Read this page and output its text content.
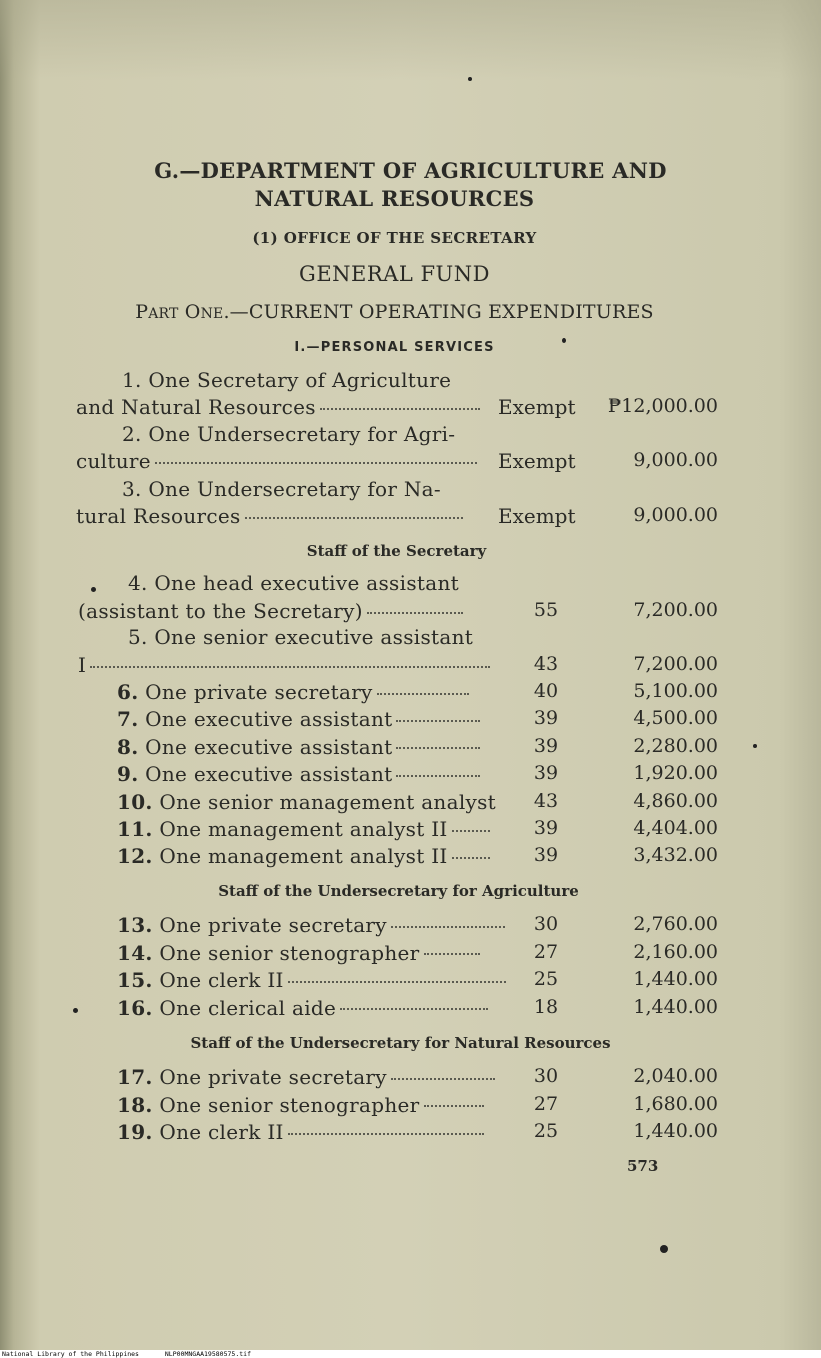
G.—DEPARTMENT OF AGRICULTURE AND
NATURAL RESOURCES
(1) OFFICE OF THE SECRETARY
GENERAL FUND
PART ONE.—CURRENT OPERATING EXPENDITURES
I.—PERSONAL SERVICES
1. One Secretary of Agriculture
and Natural Resources	Exempt	₱12,000.00
2. One Undersecretary for Agri-
culture	Exempt	9,000.00
3. One Undersecretary for Na-
tural Resources	Exempt	9,000.00
Staff of the Secretary
4. One head executive assistant
(assistant to the Secretary)	55	7,200.00
5. One senior executive assistant
I	43	7,200.00
6. One private secretary	40	5,100.00
7. One executive assistant	39	4,500.00
8. One executive assistant	39	2,280.00
9. One executive assistant	39	1,920.00
10. One senior management analyst	43	4,860.00
11. One management analyst II	39	4,404.00
12. One management analyst II	39	3,432.00
Staff of the Undersecretary for Agriculture
13. One private secretary	30	2,760.00
14. One senior stenographer	27	2,160.00
15. One clerk II	25	1,440.00
16. One clerical aide	18	1,440.00
Staff of the Undersecretary for Natural Resources
17. One private secretary	30	2,040.00
18. One senior stenographer	27	1,680.00
19. One clerk II	25	1,440.00
573
National Library of the Philippines	NLP00MNGAA19580575.tif
